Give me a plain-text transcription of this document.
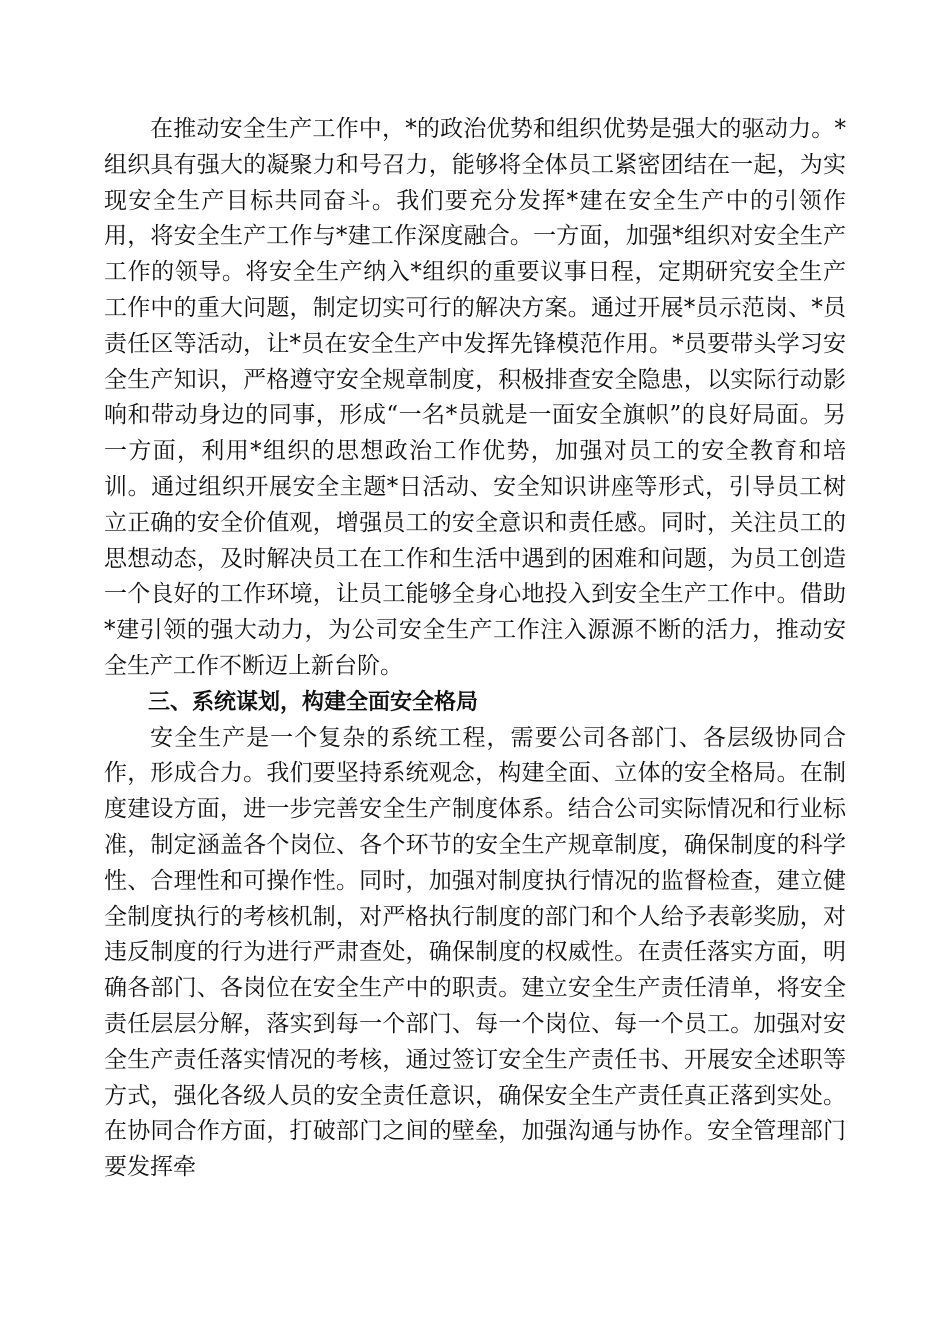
在推动安全生产工作中，*的政治优势和组织优势是强大的驱动力。*组织具有强大的凝聚力和号召力，能够将全体员工紧密团结在一起，为实现安全生产目标共同奋斗。我们要充分发挥*建在安全生产中的引领作用，将安全生产工作与*建工作深度融合。一方面，加强*组织对安全生产工作的领导。将安全生产纳入*组织的重要议事日程，定期研究安全生产工作中的重大问题，制定切实可行的解决方案。通过开展*员示范岗、*员责任区等活动，让*员在安全生产中发挥先锋模范作用。*员要带头学习安全生产知识，严格遵守安全规章制度，积极排查安全隐患，以实际行动影响和带动身边的同事，形成“一名*员就是一面安全旗帜”的良好局面。另一方面，利用*组织的思想政治工作优势，加强对员工的安全教育和培训。通过组织开展安全主题*日活动、安全知识讲座等形式，引导员工树立正确的安全价值观，增强员工的安全意识和责任感。同时，关注员工的思想动态，及时解决员工在工作和生活中遇到的困难和问题，为员工创造一个良好的工作环境，让员工能够全身心地投入到安全生产工作中。借助*建引领的强大动力，为公司安全生产工作注入源源不断的活力，推动安全生产工作不断迈上新台阶。

三、系统谋划，构建全面安全格局

安全生产是一个复杂的系统工程，需要公司各部门、各层级协同合作，形成合力。我们要坚持系统观念，构建全面、立体的安全格局。在制度建设方面，进一步完善安全生产制度体系。结合公司实际情况和行业标准，制定涵盖各个岗位、各个环节的安全生产规章制度，确保制度的科学性、合理性和可操作性。同时，加强对制度执行情况的监督检查，建立健全制度执行的考核机制，对严格执行制度的部门和个人给予表彰奖励，对违反制度的行为进行严肃查处，确保制度的权威性。在责任落实方面，明确各部门、各岗位在安全生产中的职责。建立安全生产责任清单，将安全责任层层分解，落实到每一个部门、每一个岗位、每一个员工。加强对安全生产责任落实情况的考核，通过签订安全生产责任书、开展安全述职等方式，强化各级人员的安全责任意识，确保安全生产责任真正落到实处。 在协同合作方面，打破部门之间的壁垒，加强沟通与协作。安全管理部门要发挥牵
